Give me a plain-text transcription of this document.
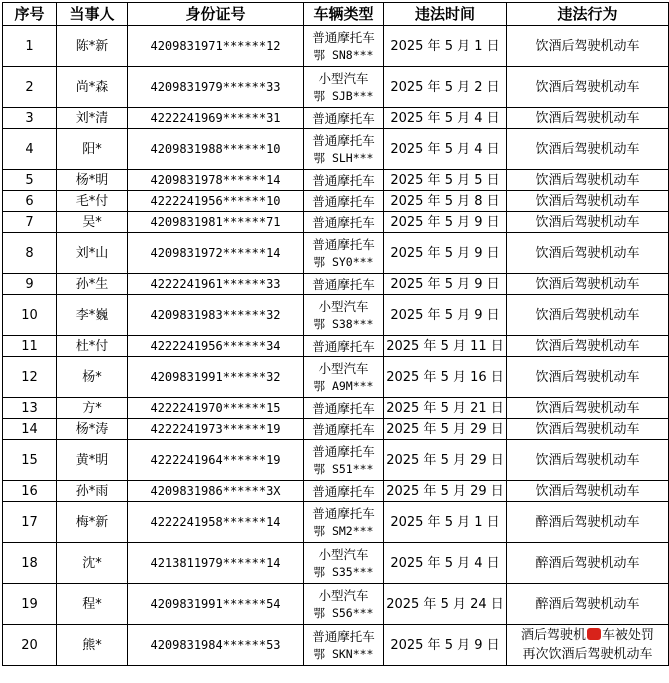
序号	当事人	身份证号	车辆类型	违法时间	违法行为
1	陈*新	4209831971******12	普通摩托车
鄂 SN8***	2025 年 5 月 1 日	饮酒后驾驶机动车
2	尚*森	4209831979******33	小型汽车
鄂 SJB***	2025 年 5 月 2 日	饮酒后驾驶机动车
3	刘*清	4222241969******31	普通摩托车	2025 年 5 月 4 日	饮酒后驾驶机动车
4	阳*	4209831988******10	普通摩托车
鄂 SLH***	2025 年 5 月 4 日	饮酒后驾驶机动车
5	杨*明	4209831978******14	普通摩托车	2025 年 5 月 5 日	饮酒后驾驶机动车
6	毛*付	4222241956******10	普通摩托车	2025 年 5 月 8 日	饮酒后驾驶机动车
7	吴*	4209831981******71	普通摩托车	2025 年 5 月 9 日	饮酒后驾驶机动车
8	刘*山	4209831972******14	普通摩托车
鄂 SY0***	2025 年 5 月 9 日	饮酒后驾驶机动车
9	孙*生	4222241961******33	普通摩托车	2025 年 5 月 9 日	饮酒后驾驶机动车
10	李*巍	4209831983******32	小型汽车
鄂 S38***	2025 年 5 月 9 日	饮酒后驾驶机动车
11	杜*付	4222241956******34	普通摩托车	2025 年 5 月 11 日	饮酒后驾驶机动车
12	杨*	4209831991******32	小型汽车
鄂 A9M***	2025 年 5 月 16 日	饮酒后驾驶机动车
13	方*	4222241970******15	普通摩托车	2025 年 5 月 21 日	饮酒后驾驶机动车
14	杨*涛	4222241973******19	普通摩托车	2025 年 5 月 29 日	饮酒后驾驶机动车
15	黄*明	4222241964******19	普通摩托车
鄂 S51***	2025 年 5 月 29 日	饮酒后驾驶机动车
16	孙*雨	4209831986******3X	普通摩托车	2025 年 5 月 29 日	饮酒后驾驶机动车
17	梅*新	4222241958******14	普通摩托车
鄂 SM2***	2025 年 5 月 1 日	醉酒后驾驶机动车
18	沈*	4213811979******14	小型汽车
鄂 S35***	2025 年 5 月 4 日	醉酒后驾驶机动车
19	程*	4209831991******54	小型汽车
鄂 S56***	2025 年 5 月 24 日	醉酒后驾驶机动车
20	熊*	4209831984******53	普通摩托车
鄂 SKN***	2025 年 5 月 9 日	酒后驾驶机 车被处罚
再次饮酒后驾驶机动车
